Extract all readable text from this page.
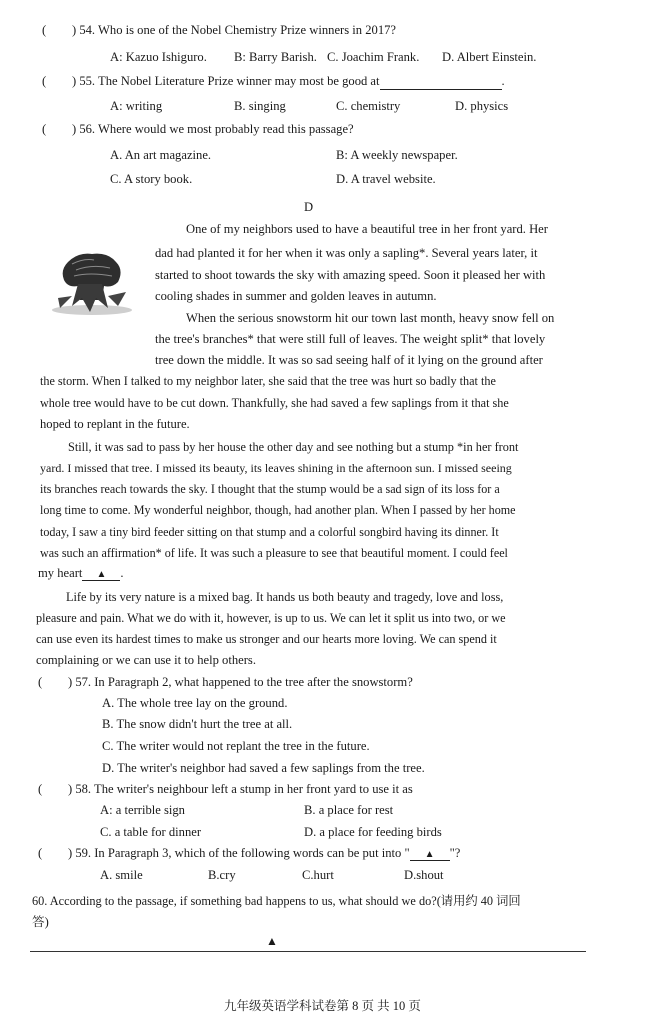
( ) 54. Who is one of the Nobel Chemistry Prize winners in 2017?
A: Kazuo Ishiguro. B: Barry Barish. C. Joachim Frank. D. Albert Einstein.
( ) 55. The Nobel Literature Prize winner may most be good at	.
A: writing	B. singing	C. chemistry	D. physics
( ) 56. Where would we most probably read this passage?
A. An art magazine.	B: A weekly newspaper.
C. A story book.	D. A travel website.
D
One of my neighbors used to have a beautiful tree in her front yard. Her
dad had planted it for her when it was only a sapling*. Several years later, it
started to shoot towards the sky with amazing speed. Soon it pleased her with
cooling shades in summer and golden leaves in autumn.
When the serious snowstorm hit our town last month, heavy snow fell on
the tree's branches* that were still full of leaves. The weight split* that lovely
tree down the middle. It was so sad seeing half of it lying on the ground after
the storm. When I talked to my neighbor later, she said that the tree was hurt so badly that the
whole tree would have to be cut down. Thankfully, she had saved a few saplings from it that she
hoped to replant in the future.
Still, it was sad to pass by her house the other day and see nothing but a stump *in her front
yard. I missed that tree. I missed its beauty, its leaves shining in the afternoon sun. I missed seeing
its branches reach towards the sky. I thought that the stump would be a sad sign of its loss for a
long time to come. My wonderful neighbor, though, had another plan. When I passed by her home
today, I saw a tiny bird feeder sitting on that stump and a colorful songbird having its dinner. It
was such an affirmation* of life. It was such a pleasure to see that beautiful moment. I could feel
my heart ▲ .
Life by its very nature is a mixed bag. It hands us both beauty and tragedy, love and loss,
pleasure and pain. What we do with it, however, is up to us. We can let it split us into two, or we
can use even its hardest times to make us stronger and our hearts more loving. We can spend it
complaining or we can use it to help others.
( ) 57. In Paragraph 2, what happened to the tree after the snowstorm?
A. The whole tree lay on the ground.
B. The snow didn't hurt the tree at all.
C. The writer would not replant the tree in the future.
D. The writer's neighbor had saved a few saplings from the tree.
( ) 58. The writer's neighbour left a stump in her front yard to use it as
A: a terrible sign	B. a place for rest
C. a table for dinner	D. a place for feeding birds
( ) 59. In Paragraph 3, which of the following words can be put into " ▲ "?
A. smile	B.cry	C.hurt	D.shout
60. According to the passage, if something bad happens to us, what should we do?(请用约 40 词回
答)
▲
九年级英语学科试卷第 8 页 共 10 页
